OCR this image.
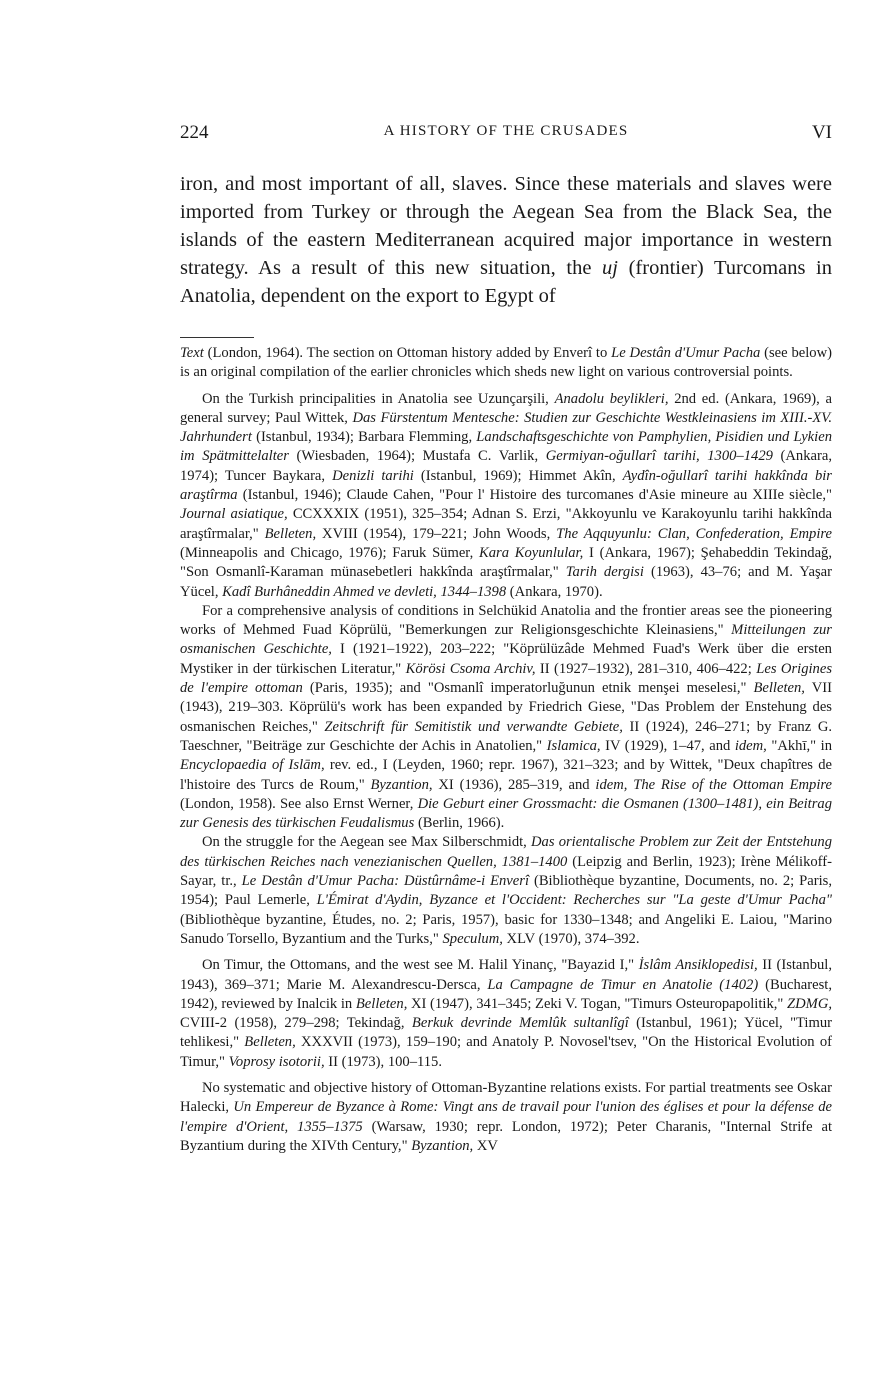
224	A HISTORY OF THE CRUSADES	VI

iron, and most important of all, slaves. Since these materials and slaves were imported from Turkey or through the Aegean Sea from the Black Sea, the islands of the eastern Mediterranean acquired major importance in western strategy. As a result of this new situation, the uj (frontier) Turcomans in Anatolia, dependent on the export to Egypt of

Text (London, 1964). The section on Ottoman history added by Enverî to Le Destân d'Umur Pacha (see below) is an original compilation of the earlier chronicles which sheds new light on various controversial points.

On the Turkish principalities in Anatolia see Uzunçarşili, Anadolu beylikleri, 2nd ed. (Ankara, 1969), a general survey; Paul Wittek, Das Fürstentum Mentesche: Studien zur Geschichte Westkleinasiens im XIII.-XV. Jahrhundert (Istanbul, 1934); Barbara Flemming, Landschaftsgeschichte von Pamphylien, Pisidien und Lykien im Spätmittelalter (Wiesbaden, 1964); Mustafa C. Varlik, Germiyan-oğullarî tarihi, 1300–1429 (Ankara, 1974); Tuncer Baykara, Denizli tarihi (Istanbul, 1969); Himmet Akîn, Aydîn-oğullarî tarihi hakkînda bir araştîrma (Istanbul, 1946); Claude Cahen, "Pour l' Histoire des turcomanes d'Asie mineure au XIIIe siècle," Journal asiatique, CCXXXIX (1951), 325–354; Adnan S. Erzi, "Akkoyunlu ve Karakoyunlu tarihi hakkînda araştîrmalar," Belleten, XVIII (1954), 179–221; John Woods, The Aqquyunlu: Clan, Confederation, Empire (Minneapolis and Chicago, 1976); Faruk Sümer, Kara Koyunlular, I (Ankara, 1967); Şehabeddin Tekindağ, "Son Osmanlî-Karaman münasebetleri hakkînda araştîrmalar," Tarih dergisi (1963), 43–76; and M. Yaşar Yücel, Kadî Burhâneddin Ahmed ve devleti, 1344–1398 (Ankara, 1970).

For a comprehensive analysis of conditions in Selchükid Anatolia and the frontier areas see the pioneering works of Mehmed Fuad Köprülü, "Bemerkungen zur Religionsgeschichte Kleinasiens," Mitteilungen zur osmanischen Geschichte, I (1921–1922), 203–222; "Köprülüzâde Mehmed Fuad's Werk über die ersten Mystiker in der türkischen Literatur," Körösi Csoma Archiv, II (1927–1932), 281–310, 406–422; Les Origines de l'empire ottoman (Paris, 1935); and "Osmanlî imperatorluğunun etnik menşei meselesi," Belleten, VII (1943), 219–303. Köprülü's work has been expanded by Friedrich Giese, "Das Problem der Enstehung des osmanischen Reiches," Zeitschrift für Semitistik und verwandte Gebiete, II (1924), 246–271; by Franz G. Taeschner, "Beiträge zur Geschichte der Achis in Anatolien," Islamica, IV (1929), 1–47, and idem, "Akhī," in Encyclopaedia of Islām, rev. ed., I (Leyden, 1960; repr. 1967), 321–323; and by Wittek, "Deux chapîtres de l'histoire des Turcs de Roum," Byzantion, XI (1936), 285–319, and idem, The Rise of the Ottoman Empire (London, 1958). See also Ernst Werner, Die Geburt einer Grossmacht: die Osmanen (1300–1481), ein Beitrag zur Genesis des türkischen Feudalismus (Berlin, 1966).

On the struggle for the Aegean see Max Silberschmidt, Das orientalische Problem zur Zeit der Entstehung des türkischen Reiches nach venezianischen Quellen, 1381–1400 (Leipzig and Berlin, 1923); Irène Mélikoff-Sayar, tr., Le Destân d'Umur Pacha: Düstûrnâme-i Enverî (Bibliothèque byzantine, Documents, no. 2; Paris, 1954); Paul Lemerle, L'Émirat d'Aydin, Byzance et l'Occident: Recherches sur "La geste d'Umur Pacha" (Bibliothèque byzantine, Études, no. 2; Paris, 1957), basic for 1330–1348; and Angeliki E. Laiou, "Marino Sanudo Torsello, Byzantium and the Turks," Speculum, XLV (1970), 374–392.

On Timur, the Ottomans, and the west see M. Halil Yinanç, "Bayazid I," İslâm Ansiklopedisi, II (Istanbul, 1943), 369–371; Marie M. Alexandrescu-Dersca, La Campagne de Timur en Anatolie (1402) (Bucharest, 1942), reviewed by Inalcik in Belleten, XI (1947), 341–345; Zeki V. Togan, "Timurs Osteuropapolitik," ZDMG, CVIII-2 (1958), 279–298; Tekindağ, Berkuk devrinde Memlûk sultanlîgî (Istanbul, 1961); Yücel, "Timur tehlikesi," Belleten, XXXVII (1973), 159–190; and Anatoly P. Novosel'tsev, "On the Historical Evolution of Timur," Voprosy isotorii, II (1973), 100–115.

No systematic and objective history of Ottoman-Byzantine relations exists. For partial treatments see Oskar Halecki, Un Empereur de Byzance à Rome: Vingt ans de travail pour l'union des églises et pour la défense de l'empire d'Orient, 1355–1375 (Warsaw, 1930; repr. London, 1972); Peter Charanis, "Internal Strife at Byzantium during the XIVth Century," Byzantion, XV
